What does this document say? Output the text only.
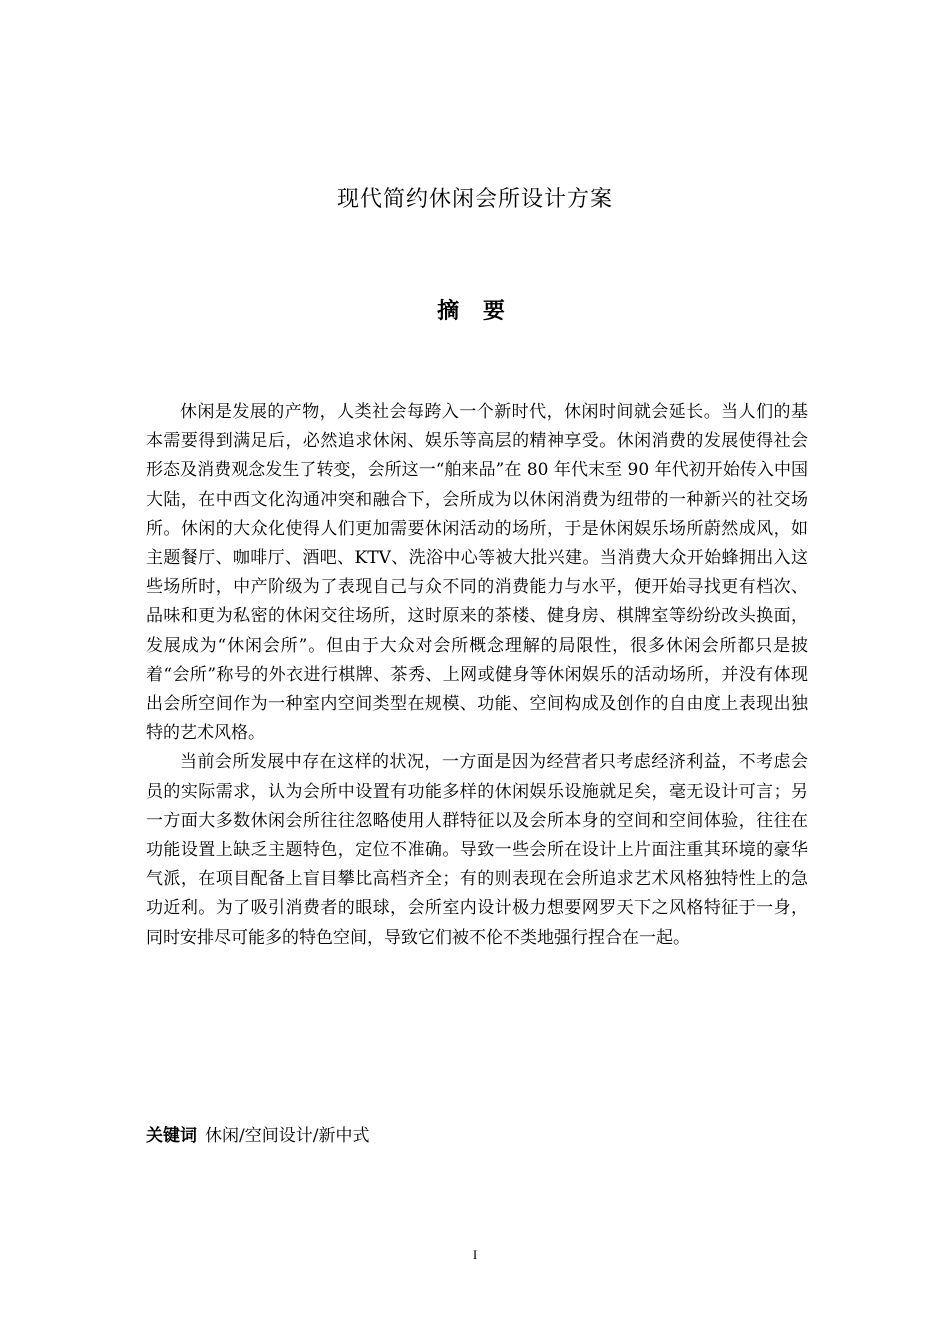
现代简约休闲会所设计方案
摘 要

休闲是发展的产物，人类社会每跨入一个新时代，休闲时间就会延长。当人们的基本需要得到满足后，必然追求休闲、娱乐等高层的精神享受。休闲消费的发展使得社会形态及消费观念发生了转变，会所这一“舶来品”在 80 年代末至 90 年代初开始传入中国大陆，在中西文化沟通冲突和融合下，会所成为以休闲消费为纽带的一种新兴的社交场所。休闲的大众化使得人们更加需要休闲活动的场所，于是休闲娱乐场所蔚然成风，如主题餐厅、咖啡厅、酒吧、KTV、洗浴中心等被大批兴建。当消费大众开始蜂拥出入这些场所时，中产阶级为了表现自己与众不同的消费能力与水平，便开始寻找更有档次、品味和更为私密的休闲交往场所，这时原来的茶楼、健身房、棋牌室等纷纷改头换面，发展成为“休闲会所”。但由于大众对会所概念理解的局限性，很多休闲会所都只是披着“会所”称号的外衣进行棋牌、茶秀、上网或健身等休闲娱乐的活动场所，并没有体现出会所空间作为一种室内空间类型在规模、功能、空间构成及创作的自由度上表现出独特的艺术风格。

当前会所发展中存在这样的状况，一方面是因为经营者只考虑经济利益，不考虑会员的实际需求，认为会所中设置有功能多样的休闲娱乐设施就足矣，毫无设计可言；另一方面大多数休闲会所往往忽略使用人群特征以及会所本身的空间和空间体验，往往在功能设置上缺乏主题特色，定位不准确。导致一些会所在设计上片面注重其环境的豪华气派，在项目配备上盲目攀比高档齐全；有的则表现在会所追求艺术风格独特性上的急功近利。为了吸引消费者的眼球，会所室内设计极力想要网罗天下之风格特征于一身，同时安排尽可能多的特色空间，导致它们被不伦不类地强行捏合在一起。

关键词 休闲/空间设计/新中式
I
